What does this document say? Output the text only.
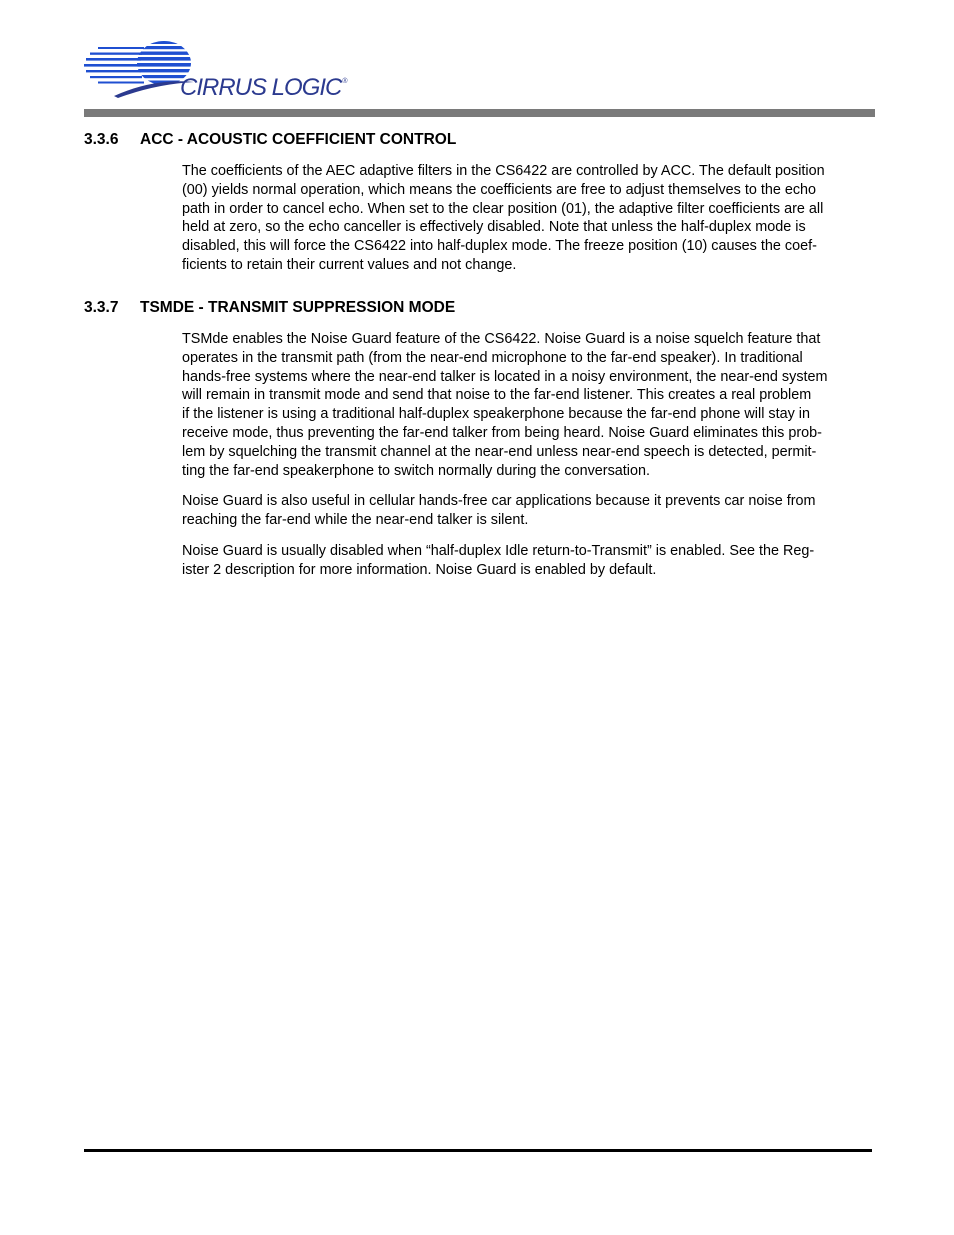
CIRRUS LOGIC®
3.3.6 ACC - ACOUSTIC COEFFICIENT CONTROL

The coefficients of the AEC adaptive filters in the CS6422 are controlled by ACC. The default position
(00) yields normal operation, which means the coefficients are free to adjust themselves to the echo
path in order to cancel echo. When set to the clear position (01), the adaptive filter coefficients are all
held at zero, so the echo canceller is effectively disabled. Note that unless the half-duplex mode is
disabled, this will force the CS6422 into half-duplex mode. The freeze position (10) causes the coef-
ficients to retain their current values and not change.

3.3.7 TSMDE - TRANSMIT SUPPRESSION MODE

TSMde enables the Noise Guard feature of the CS6422. Noise Guard is a noise squelch feature that
operates in the transmit path (from the near-end microphone to the far-end speaker). In traditional
hands-free systems where the near-end talker is located in a noisy environment, the near-end system
will remain in transmit mode and send that noise to the far-end listener. This creates a real problem
if the listener is using a traditional half-duplex speakerphone because the far-end phone will stay in
receive mode, thus preventing the far-end talker from being heard. Noise Guard eliminates this prob-
lem by squelching the transmit channel at the near-end unless near-end speech is detected, permit-
ting the far-end speakerphone to switch normally during the conversation.

Noise Guard is also useful in cellular hands-free car applications because it prevents car noise from
reaching the far-end while the near-end talker is silent.

Noise Guard is usually disabled when “half-duplex Idle return-to-Transmit” is enabled. See the Reg-
ister 2 description for more information. Noise Guard is enabled by default.
